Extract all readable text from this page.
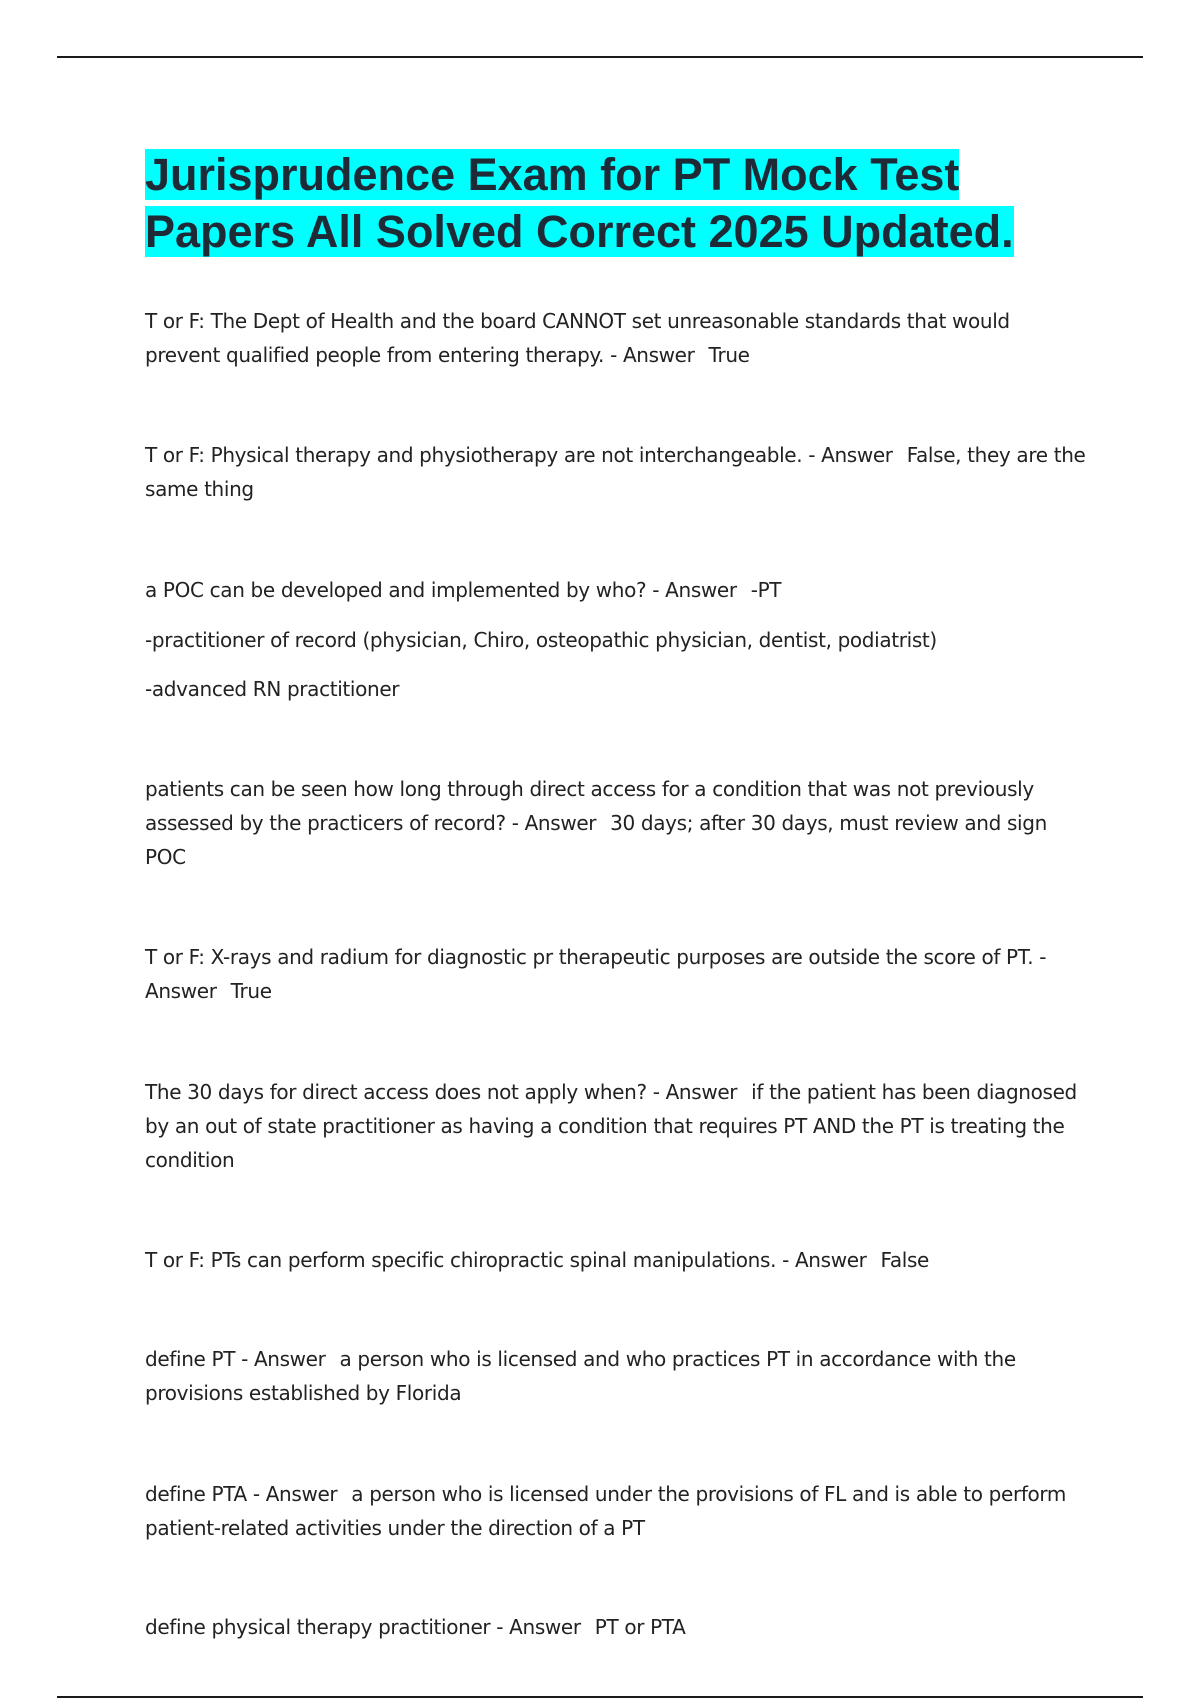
Jurisprudence Exam for PT Mock Test Papers All Solved Correct 2025 Updated.

T or F: The Dept of Health and the board CANNOT set unreasonable standards that would prevent qualified people from entering therapy. - Answer True

T or F: Physical therapy and physiotherapy are not interchangeable. - Answer False, they are the same thing

a POC can be developed and implemented by who? - Answer -PT

-practitioner of record (physician, Chiro, osteopathic physician, dentist, podiatrist)

-advanced RN practitioner

patients can be seen how long through direct access for a condition that was not previously assessed by the practicers of record? - Answer 30 days; after 30 days, must review and sign POC

T or F: X-rays and radium for diagnostic pr therapeutic purposes are outside the score of PT. - Answer True

The 30 days for direct access does not apply when? - Answer if the patient has been diagnosed by an out of state practitioner as having a condition that requires PT AND the PT is treating the condition

T or F: PTs can perform specific chiropractic spinal manipulations. - Answer False

define PT - Answer a person who is licensed and who practices PT in accordance with the provisions established by Florida

define PTA - Answer a person who is licensed under the provisions of FL and is able to perform patient-related activities under the direction of a PT

define physical therapy practitioner - Answer PT or PTA
